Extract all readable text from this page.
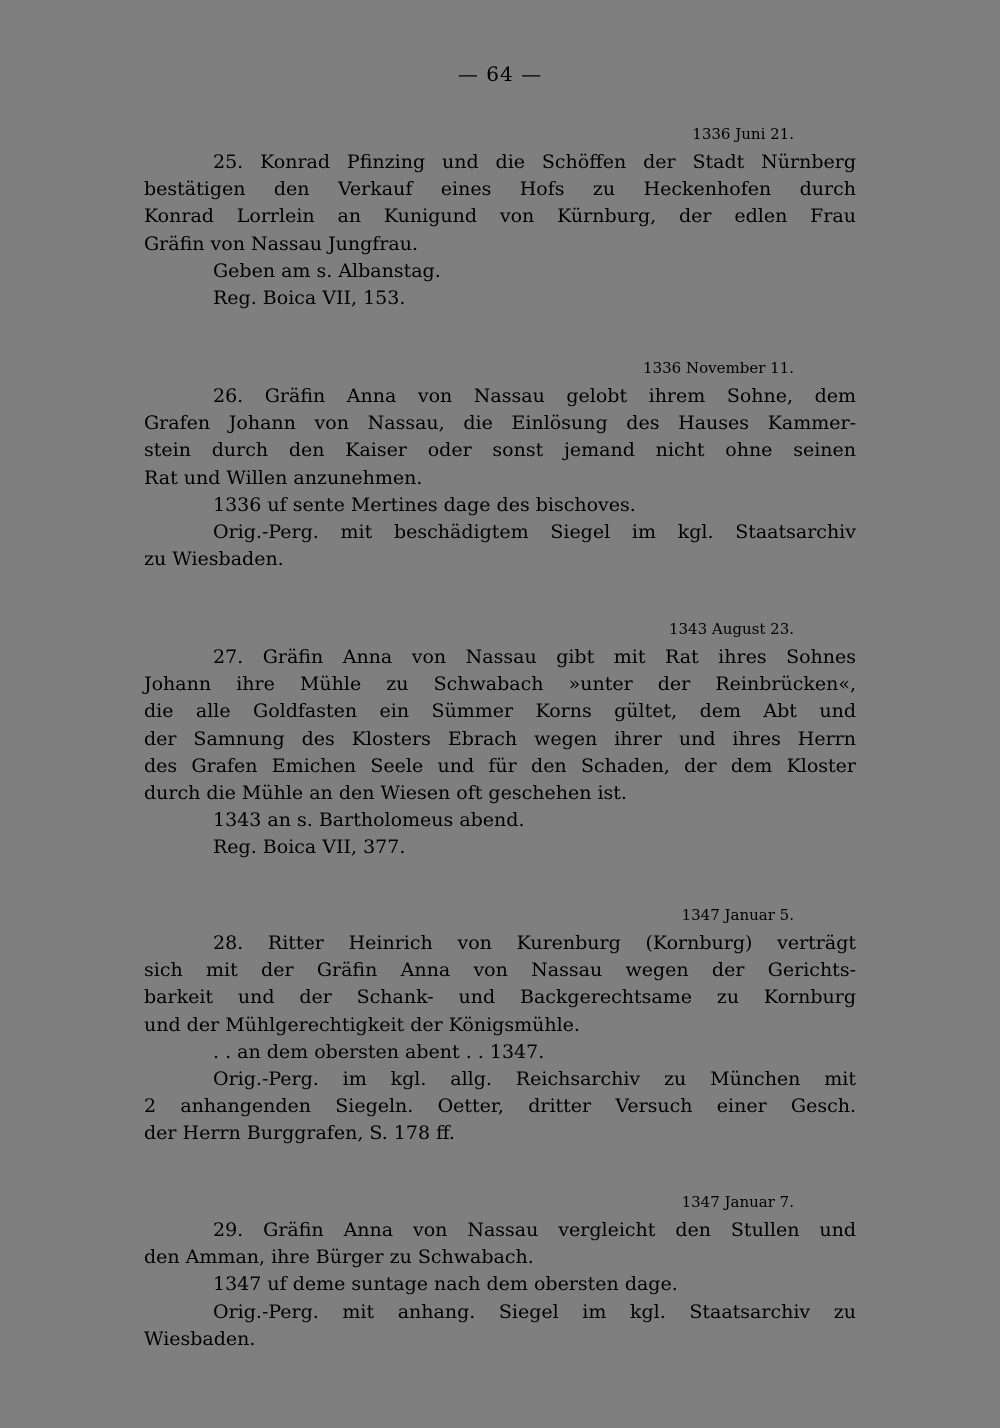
— 64 —
1336 Juni 21.
25. Konrad Pfinzing und die Schöffen der Stadt Nürnberg
bestätigen den Verkauf eines Hofs zu Heckenhofen durch
Konrad Lorrlein an Kunigund von Kürnburg, der edlen Frau
Gräfin von Nassau Jungfrau.
Geben am s. Albanstag.
Reg. Boica VII, 153.
1336 November 11.
26. Gräfin Anna von Nassau gelobt ihrem Sohne, dem
Grafen Johann von Nassau, die Einlösung des Hauses Kammer-
stein durch den Kaiser oder sonst jemand nicht ohne seinen
Rat und Willen anzunehmen.
1336 uf sente Mertines dage des bischoves.
Orig.-Perg. mit beschädigtem Siegel im kgl. Staatsarchiv
zu Wiesbaden.
1343 August 23.
27. Gräfin Anna von Nassau gibt mit Rat ihres Sohnes
Johann ihre Mühle zu Schwabach »unter der Reinbrücken«,
die alle Goldfasten ein Sümmer Korns gültet, dem Abt und
der Samnung des Klosters Ebrach wegen ihrer und ihres Herrn
des Grafen Emichen Seele und für den Schaden, der dem Kloster
durch die Mühle an den Wiesen oft geschehen ist.
1343 an s. Bartholomeus abend.
Reg. Boica VII, 377.
1347 Januar 5.
28. Ritter Heinrich von Kurenburg (Kornburg) verträgt
sich mit der Gräfin Anna von Nassau wegen der Gerichts-
barkeit und der Schank- und Backgerechtsame zu Kornburg
und der Mühlgerechtigkeit der Königsmühle.
. . an dem obersten abent . . 1347.
Orig.-Perg. im kgl. allg. Reichsarchiv zu München mit
2 anhangenden Siegeln. Oetter, dritter Versuch einer Gesch.
der Herrn Burggrafen, S. 178 ff.
1347 Januar 7.
29. Gräfin Anna von Nassau vergleicht den Stullen und
den Amman, ihre Bürger zu Schwabach.
1347 uf deme suntage nach dem obersten dage.
Orig.-Perg. mit anhang. Siegel im kgl. Staatsarchiv zu
Wiesbaden.
